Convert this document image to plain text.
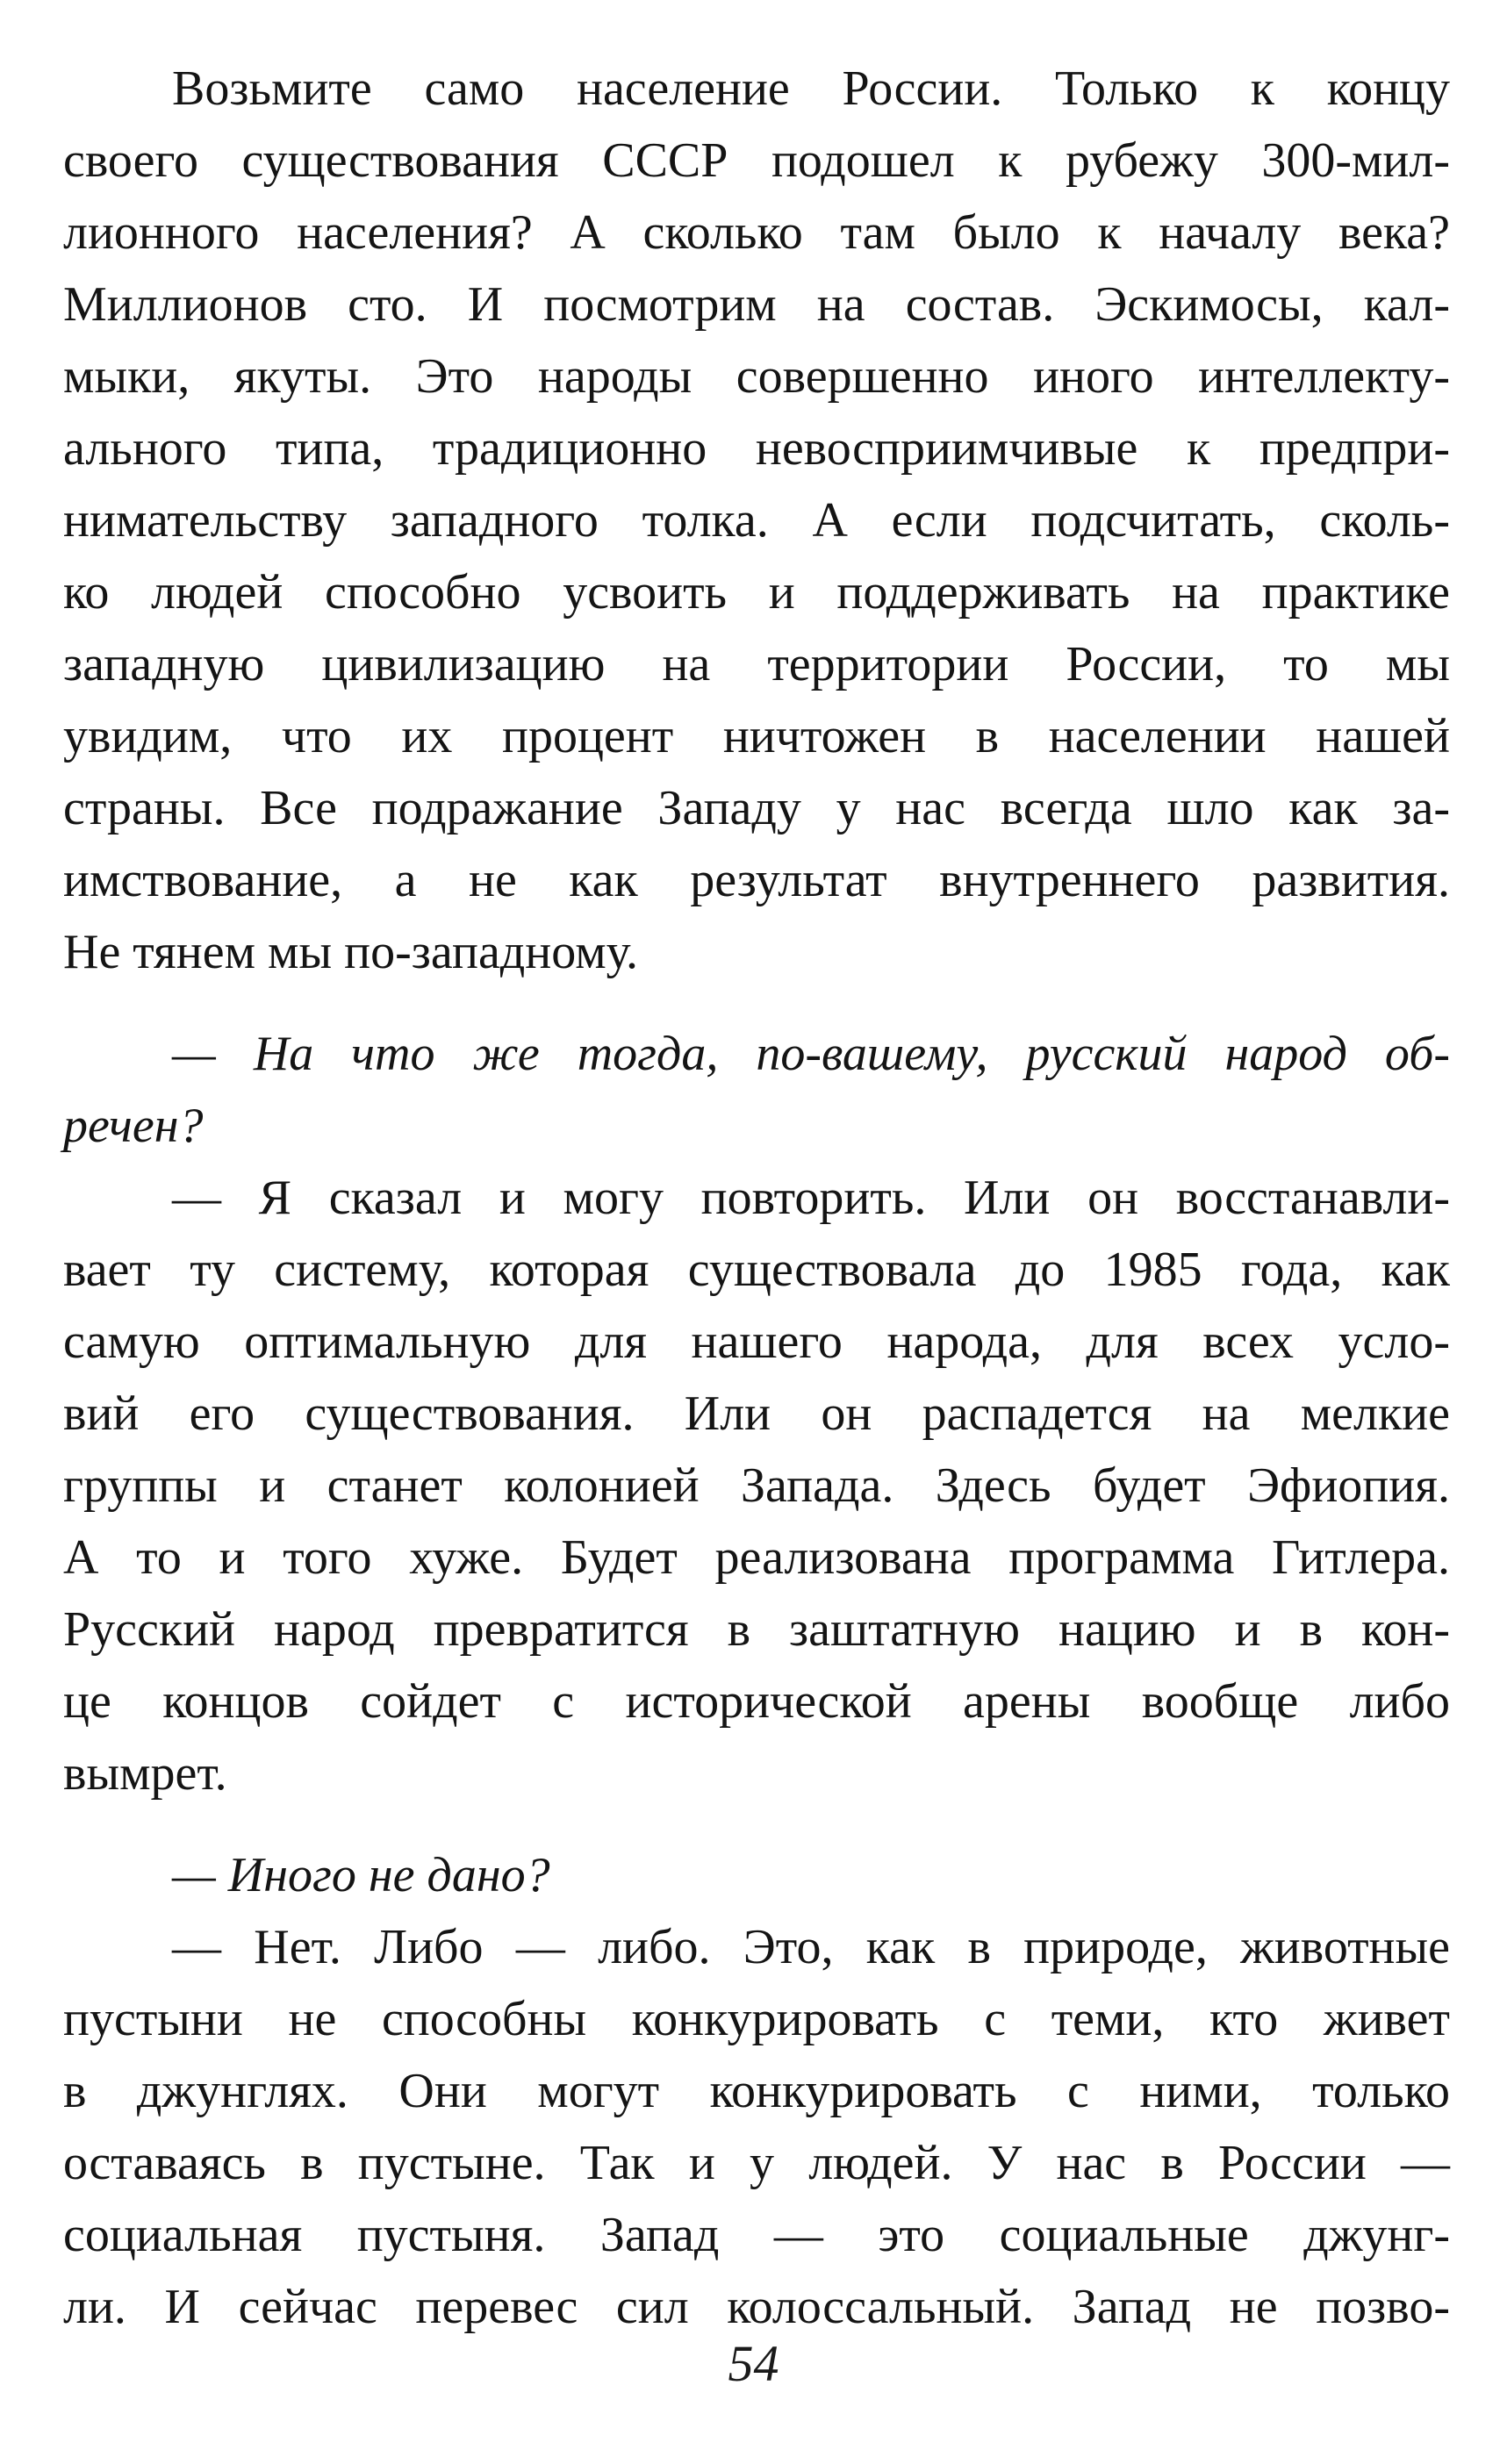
Возьмите само население России. Только к концу
своего существования СССР подошел к рубежу 300-мил-
лионного населения? А сколько там было к началу века?
Миллионов сто. И посмотрим на состав. Эскимосы, кал-
мыки, якуты. Это народы совершенно иного интеллекту-
ального типа, традиционно невосприимчивые к предпри-
нимательству западного толка. А если подсчитать, сколь-
ко людей способно усвоить и поддерживать на практике
западную цивилизацию на территории России, то мы
увидим, что их процент ничтожен в населении нашей
страны. Все подражание Западу у нас всегда шло как за-
имствование, а не как результат внутреннего развития.
Не тянем мы по-западному.
— На что же тогда, по-вашему, русский народ об-
речен?
— Я сказал и могу повторить. Или он восстанавли-
вает ту систему, которая существовала до 1985 года, как
самую оптимальную для нашего народа, для всех усло-
вий его существования. Или он распадется на мелкие
группы и станет колонией Запада. Здесь будет Эфиопия.
А то и того хуже. Будет реализована программа Гитлера.
Русский народ превратится в заштатную нацию и в кон-
це концов сойдет с исторической арены вообще либо
вымрет.
— Иного не дано?
— Нет. Либо — либо. Это, как в природе, животные
пустыни не способны конкурировать с теми, кто живет
в джунглях. Они могут конкурировать с ними, только
оставаясь в пустыне. Так и у людей. У нас в России —
социальная пустыня. Запад — это социальные джунг-
ли. И сейчас перевес сил колоссальный. Запад не позво-
54
